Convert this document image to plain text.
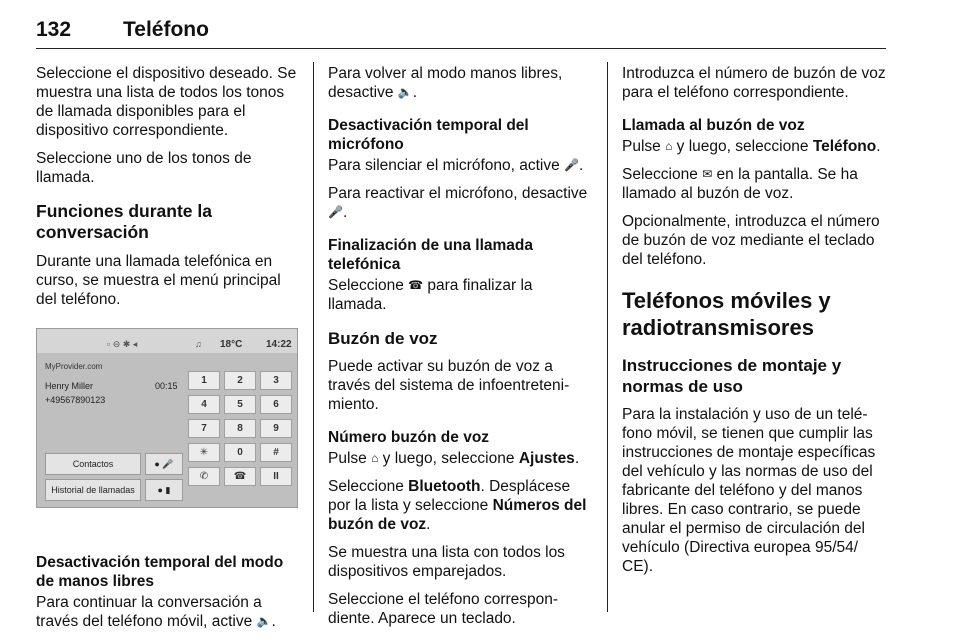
132 Teléfono

Seleccione el dispositivo deseado. Se muestra una lista de todos los tonos de llamada disponibles para el dispositivo correspondiente.

Seleccione uno de los tonos de llamada.

Funciones durante la conversación

Durante una llamada telefónica en curso, se muestra el menú principal del teléfono.

▫ ⊖ ✱ ◂	♫ 18°C 14:22
MyProvider.com
Henry Miller
+49567890123
00:15
Contactos	● 🎤
Historial de llamadas	● ▮
1	2	3
4	5	6
7	8	9
✳	0	#
✆	☎	II
Desactivación temporal del modo de manos libres

Para continuar la conversación a través del teléfono móvil, active 🔈.

Para volver al modo manos libres, desactive 🔈.

Desactivación temporal del micrófono

Para silenciar el micrófono, active 🎤.

Para reactivar el micrófono, desactive 🎤.

Finalización de una llamada telefónica

Seleccione ☎ para finalizar la llamada.

Buzón de voz

Puede activar su buzón de voz a través del sistema de infoentreteni- miento.

Número buzón de voz

Pulse ⌂ y luego, seleccione Ajustes.

Seleccione Bluetooth. Desplácese por la lista y seleccione Números del buzón de voz.

Se muestra una lista con todos los dispositivos emparejados.

Seleccione el teléfono correspon- diente. Aparece un teclado.

Introduzca el número de buzón de voz para el teléfono correspondiente.

Llamada al buzón de voz

Pulse ⌂ y luego, seleccione Teléfono.

Seleccione ✉ en la pantalla. Se ha llamado al buzón de voz.

Opcionalmente, introduzca el número de buzón de voz mediante el teclado del teléfono.

Teléfonos móviles y radiotransmisores
Instrucciones de montaje y normas de uso

Para la instalación y uso de un telé- fono móvil, se tienen que cumplir las instrucciones de montaje específicas del vehículo y las normas de uso del fabricante del teléfono y del manos libres. En caso contrario, se puede anular el permiso de circulación del vehículo (Directiva europea 95/54/ CE).
